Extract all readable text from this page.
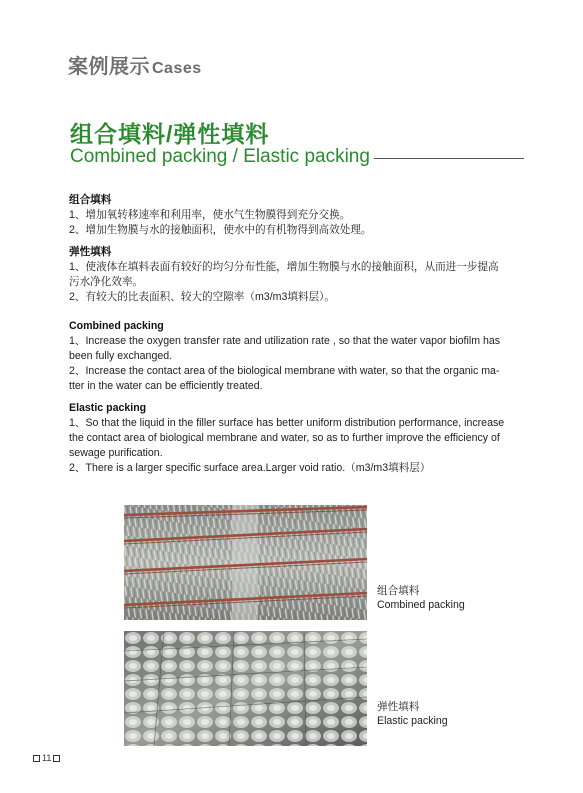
案例展示 Cases
组合填料/弹性填料
Combined packing / Elastic packing

组合填料

1、增加氧转移速率和利用率，使水气生物膜得到充分交换。

2、增加生物膜与水的接触面积，使水中的有机物得到高效处理。

弹性填料

1、使液体在填料表面有较好的均匀分布性能，增加生物膜与水的接触面积，从而进一步提高

污水净化效率。

2、有较大的比表面积、较大的空隙率（m3/m3填料层）。

Combined packing

1、Increase the oxygen transfer rate and utilization rate , so that the water vapor biofilm has

been fully exchanged.

2、Increase the contact area of the biological membrane with water, so that the organic ma-

tter in the water can be efficiently treated.

Elastic packing

1、So that the liquid in the filler surface has better uniform distribution performance, increase

the contact area of biological membrane and water, so as to further improve the efficiency of

sewage purification.

2、There is a larger specific surface area.Larger void ratio.（m3/m3填料层）

组合填料
Combined packing
弹性填料
Elastic packing
11
